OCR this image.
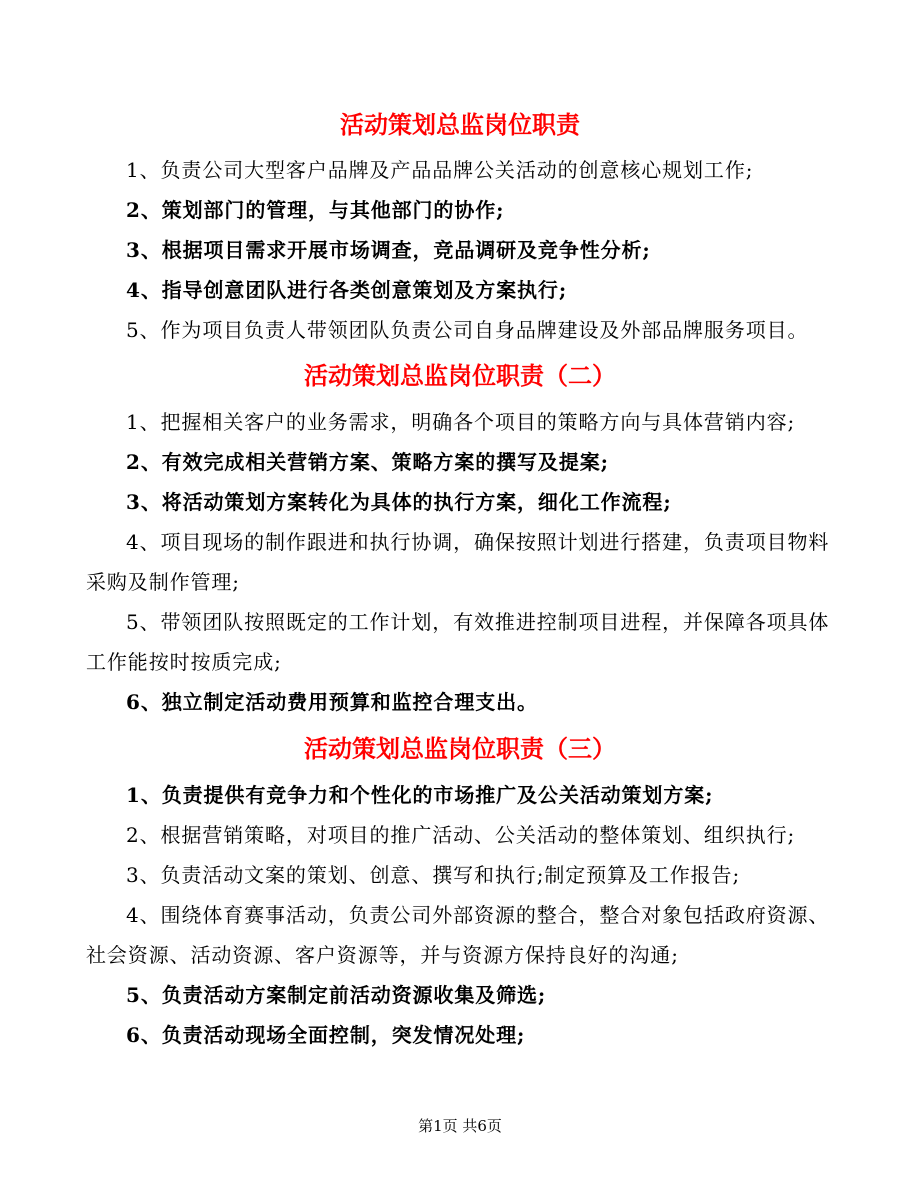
活动策划总监岗位职责

1、负责公司大型客户品牌及产品品牌公关活动的创意核心规划工作;

2、策划部门的管理，与其他部门的协作;

3、根据项目需求开展市场调查，竞品调研及竞争性分析;

4、指导创意团队进行各类创意策划及方案执行;

5、作为项目负责人带领团队负责公司自身品牌建设及外部品牌服务项目。

活动策划总监岗位职责（二）

1、把握相关客户的业务需求，明确各个项目的策略方向与具体营销内容;

2、有效完成相关营销方案、策略方案的撰写及提案;

3、将活动策划方案转化为具体的执行方案，细化工作流程;

4、项目现场的制作跟进和执行协调，确保按照计划进行搭建，负责项目物料采购及制作管理;

5、带领团队按照既定的工作计划，有效推进控制项目进程，并保障各项具体工作能按时按质完成;

6、独立制定活动费用预算和监控合理支出。

活动策划总监岗位职责（三）

1、负责提供有竞争力和个性化的市场推广及公关活动策划方案;

2、根据营销策略，对项目的推广活动、公关活动的整体策划、组织执行;

3、负责活动文案的策划、创意、撰写和执行;制定预算及工作报告;

4、围绕体育赛事活动，负责公司外部资源的整合，整合对象包括政府资源、社会资源、活动资源、客户资源等，并与资源方保持良好的沟通;

5、负责活动方案制定前活动资源收集及筛选;

6、负责活动现场全面控制，突发情况处理;

第1页 共6页
